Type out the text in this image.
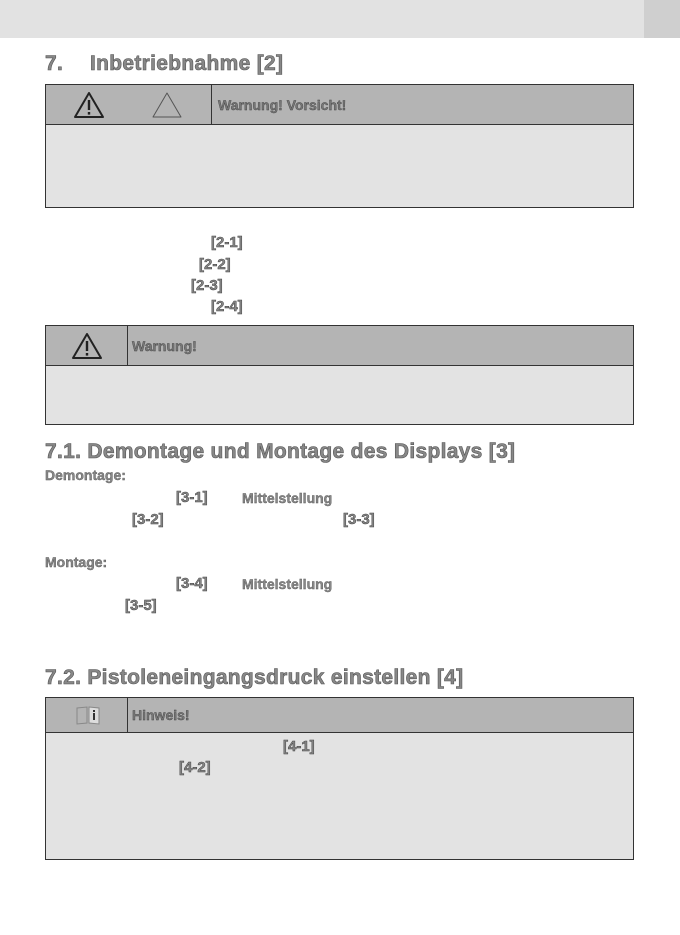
7. Inbetriebnahme [2]
Warnung! Vorsicht!
[2-1]
[2-2]
[2-3]
[2-4]
Warnung!
7.1. Demontage und Montage des Displays [3]
Demontage:
[3-1] Mittelstellung
[3-2]	[3-3]
Montage:
[3-4] Mittelstellung
[3-5]
7.2. Pistoleneingangsdruck einstellen [4]
Hinweis!
[4-1]
[4-2]
